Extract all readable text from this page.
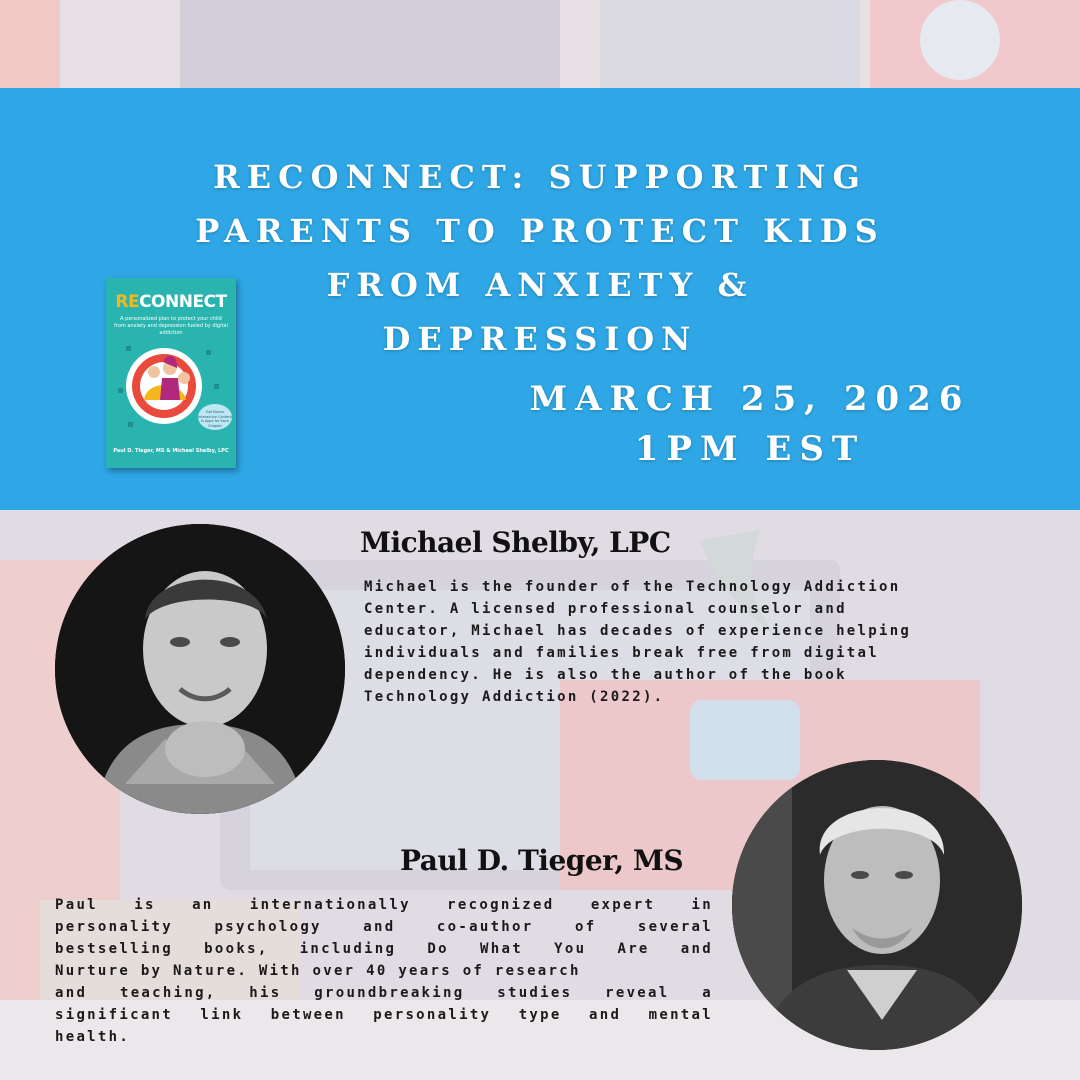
RECONNECT: SUPPORTING
PARENTS TO PROTECT KIDS
FROM ANXIETY &
DEPRESSION
MARCH 25, 2026
1PM EST
RECONNECT
A personalized plan to protect your child from anxiety and depression fueled by digital addiction
Get Bonus Interactive Content & Apps for Each Chapter
Paul D. Tieger, MS & Michael Shelby, LPC
Michael Shelby, LPC

Michael is the founder of the Technology Addiction
Center. A licensed professional counselor and
educator, Michael has decades of experience helping
individuals and families break free from digital
dependency. He is also the author of the book
Technology Addiction (2022).

Paul D. Tieger, MS

Paul is an internationally recognized expert in
personality psychology and co-author of several
bestselling books, including Do What You Are and
Nurture by Nature. With over 40 years of research
and teaching, his groundbreaking studies reveal a
significant link between personality type and mental
health.
